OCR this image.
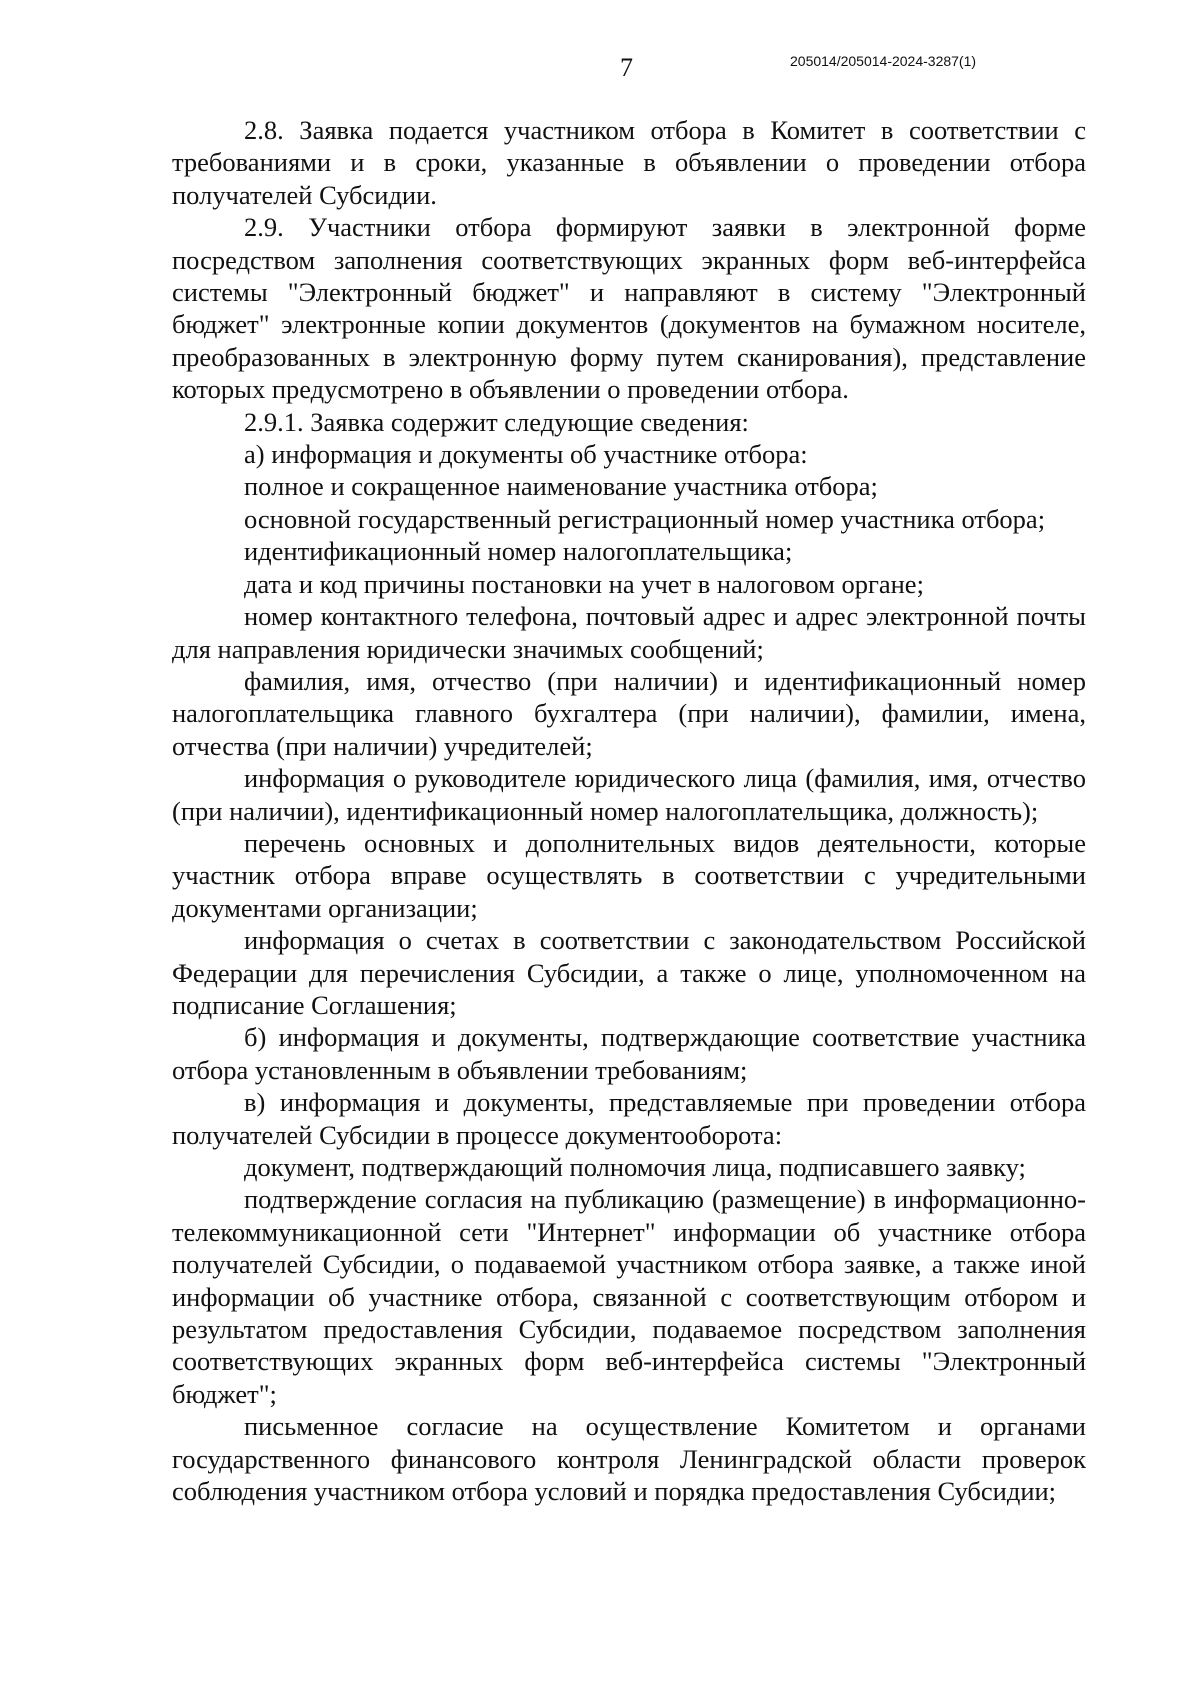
7	205014/205014-2024-3287(1)

2.8. Заявка подается участником отбора в Комитет в соответствии с требованиями и в сроки, указанные в объявлении о проведении отбора получателей Субсидии.

2.9. Участники отбора формируют заявки в электронной форме посредством заполнения соответствующих экранных форм веб-интерфейса системы "Электронный бюджет" и направляют в систему "Электронный бюджет" электронные копии документов (документов на бумажном носителе, преобразованных в электронную форму путем сканирования), представление которых предусмотрено в объявлении о проведении отбора.

2.9.1. Заявка содержит следующие сведения:

а) информация и документы об участнике отбора:

полное и сокращенное наименование участника отбора;

основной государственный регистрационный номер участника отбора;

идентификационный номер налогоплательщика;

дата и код причины постановки на учет в налоговом органе;

номер контактного телефона, почтовый адрес и адрес электронной почты для направления юридически значимых сообщений;

фамилия, имя, отчество (при наличии) и идентификационный номер налогоплательщика главного бухгалтера (при наличии), фамилии, имена, отчества (при наличии) учредителей;

информация о руководителе юридического лица (фамилия, имя, отчество (при наличии), идентификационный номер налогоплательщика, должность);

перечень основных и дополнительных видов деятельности, которые участник отбора вправе осуществлять в соответствии с учредительными документами организации;

информация о счетах в соответствии с законодательством Российской Федерации для перечисления Субсидии, а также о лице, уполномоченном на подписание Соглашения;

б) информация и документы, подтверждающие соответствие участника отбора установленным в объявлении требованиям;

в) информация и документы, представляемые при проведении отбора получателей Субсидии в процессе документооборота:

документ, подтверждающий полномочия лица, подписавшего заявку;

подтверждение согласия на публикацию (размещение) в информационно-телекоммуникационной сети "Интернет" информации об участнике отбора получателей Субсидии, о подаваемой участником отбора заявке, а также иной информации об участнике отбора, связанной с соответствующим отбором и результатом предоставления Субсидии, подаваемое посредством заполнения соответствующих экранных форм веб-интерфейса системы "Электронный бюджет";

письменное согласие на осуществление Комитетом и органами государственного финансового контроля Ленинградской области проверок соблюдения участником отбора условий и порядка предоставления Субсидии;
